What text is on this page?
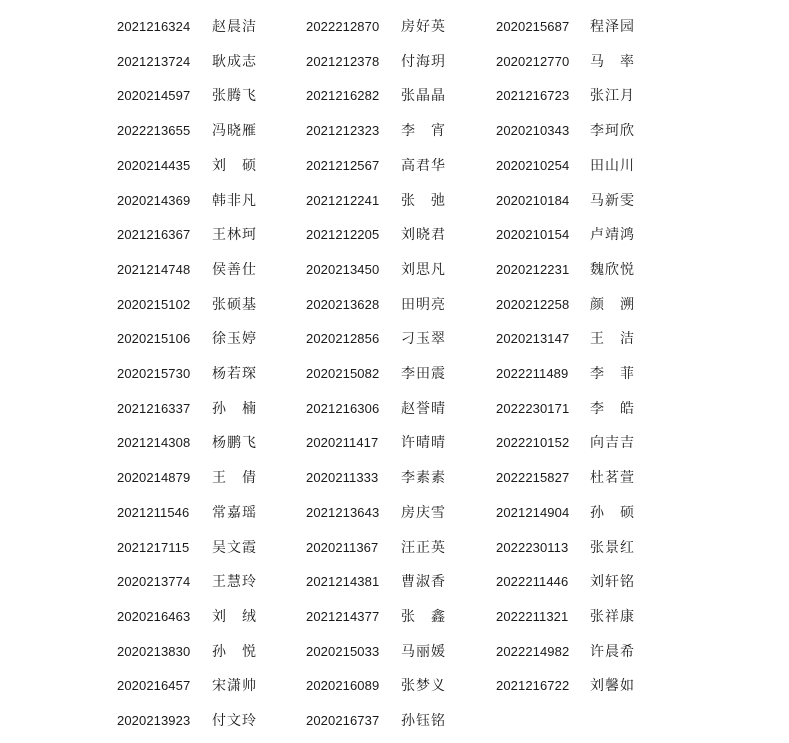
2021216324 赵晨洁	2022212870 房好英	2020215687 程泽园
2021213724 耿成志	2021212378 付海玥	2020212770 马　率
2020214597 张腾飞	2021216282 张晶晶	2021216723 张江月
2022213655 冯晓雁	2021212323 李　宵	2020210343 李珂欣
2020214435 刘　硕	2021212567 高君华	2020210254 田山川
2020214369 韩非凡	2021212241 张　弛	2020210184 马新雯
2021216367 王林珂	2021212205 刘晓君	2020210154 卢靖鸿
2021214748 侯善仕	2020213450 刘思凡	2020212231 魏欣悦
2020215102 张硕基	2020213628 田明亮	2020212258 颜　溯
2020215106 徐玉婷	2020212856 刁玉翠	2020213147 王　洁
2020215730 杨若琛	2020215082 李田震	2022211489 李　菲
2021216337 孙　楠	2021216306 赵誉晴	2022230171 李　皓
2021214308 杨鹏飞	2020211417 许晴晴	2022210152 向吉吉
2020214879 王　倩	2020211333 李素素	2022215827 杜茗萱
2021211546 常嘉瑶	2021213643 房庆雪	2021214904 孙　硕
2021217115 吴文霞	2020211367 汪正英	2022230113 张景红
2020213774 王慧玲	2021214381 曹淑香	2022211446 刘轩铭
2020216463 刘　绒	2021214377 张　鑫	2022211321 张祥康
2020213830 孙　悦	2020215033 马丽媛	2022214982 许晨希
2020216457 宋潇帅	2020216089 张梦义	2021216722 刘馨如
2020213923 付文玲	2020216737 孙钰铭
